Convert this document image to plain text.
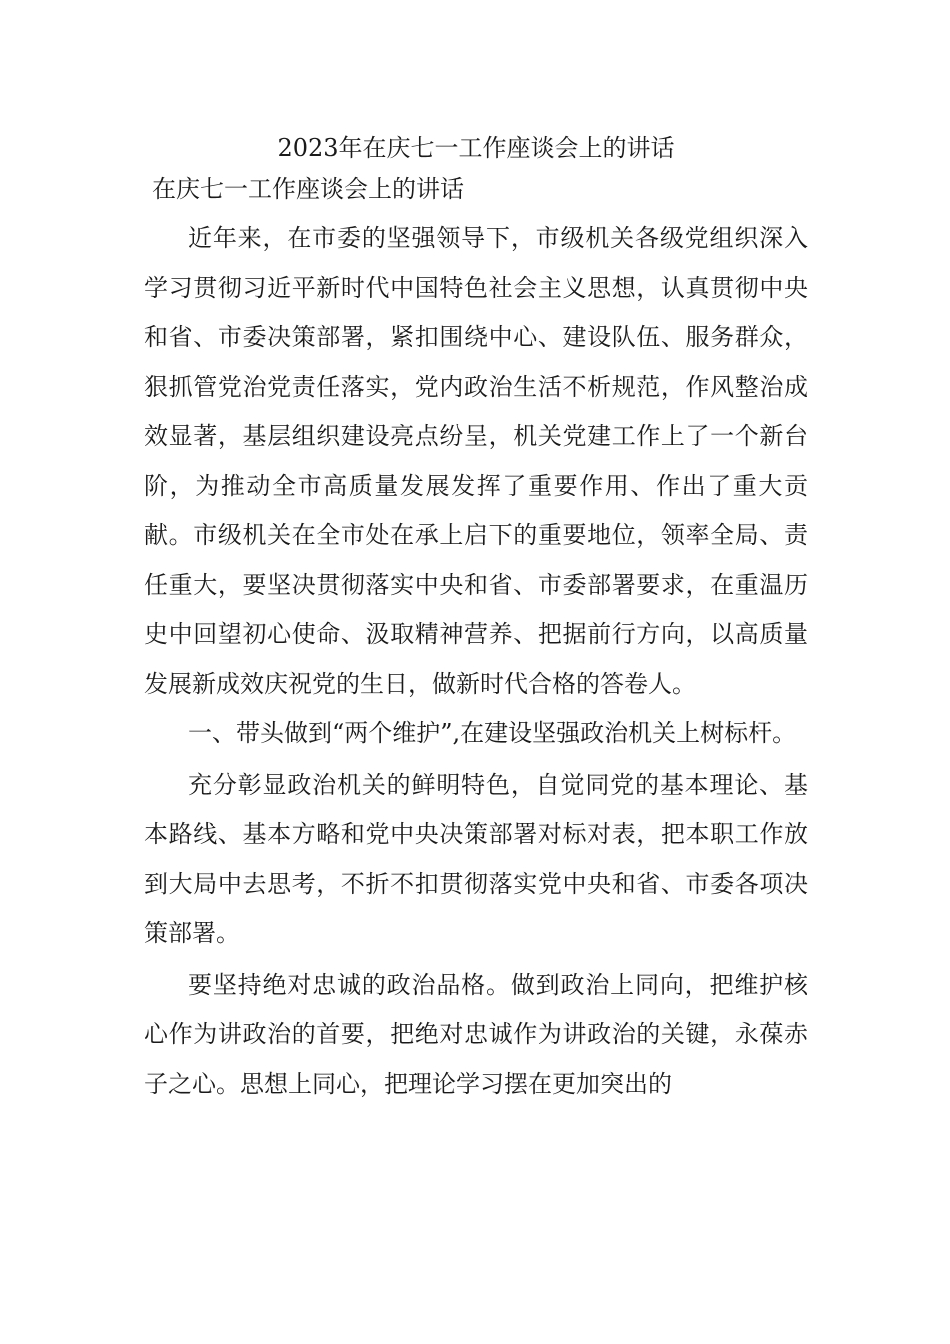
2023年在庆七一工作座谈会上的讲话
在庆七一工作座谈会上的讲话

近年来，在市委的坚强领导下，市级机关各级党组织深入学习贯彻习近平新时代中国特色社会主义思想，认真贯彻中央和省、市委决策部署，紧扣围绕中心、建设队伍、服务群众，狠抓管党治党责任落实，党内政治生活不析规范，作风整治成效显著，基层组织建设亮点纷呈，机关党建工作上了一个新台阶，为推动全市高质量发展发挥了重要作用、作出了重大贡献。市级机关在全市处在承上启下的重要地位，领率全局、责任重大，要坚决贯彻落实中央和省、市委部署要求，在重温历史中回望初心使命、汲取精神营养、把据前行方向，以高质量发展新成效庆祝党的生日，做新时代合格的答卷人。

一、带头做到“两个维护”,在建设坚强政治机关上树标杆。

充分彰显政治机关的鲜明特色，自觉同党的基本理论、基本路线、基本方略和党中央决策部署对标对表，把本职工作放到大局中去思考，不折不扣贯彻落实党中央和省、市委各项决策部署。

要坚持绝对忠诚的政治品格。做到政治上同向，把维护核心作为讲政治的首要，把绝对忠诚作为讲政治的关键，永葆赤子之心。思想上同心，把理论学习摆在更加突出的
